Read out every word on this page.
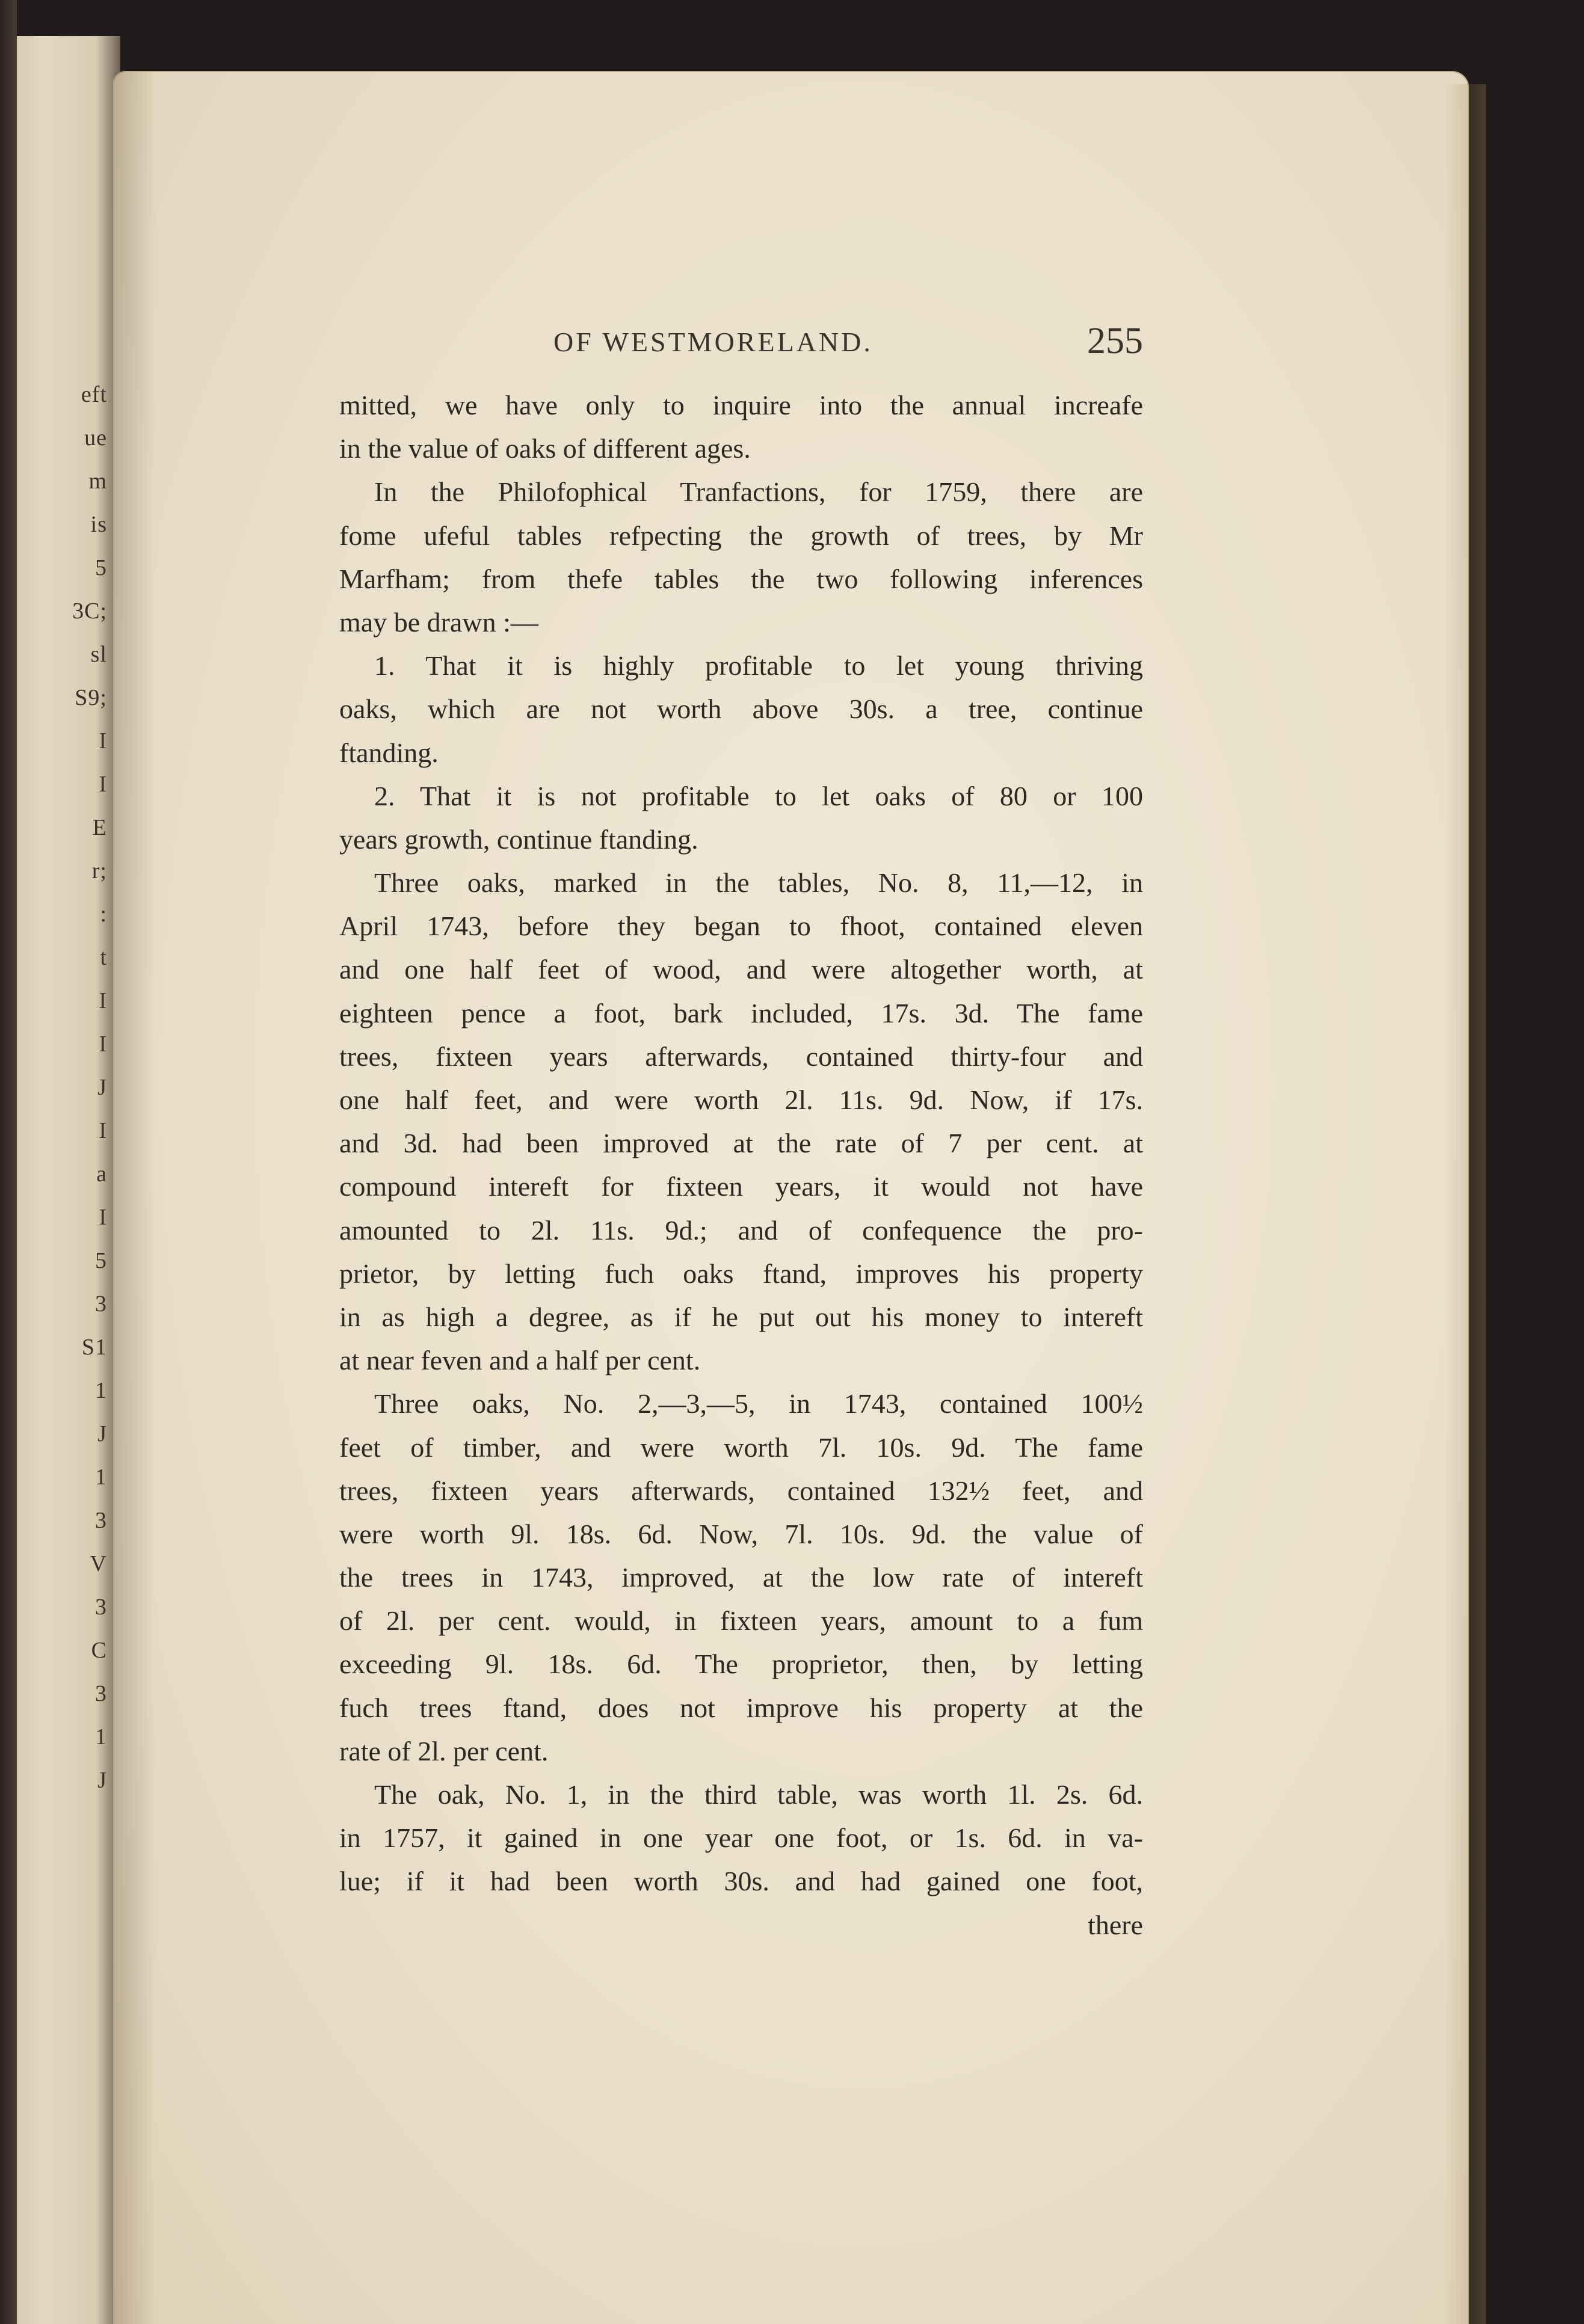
eft
ue
m
is
5
3C;
sl
S9;
I
I
E
r;
:
t
I
I
J
I
a
I
5
3
S1
1
J
1
3
V
3
C
3
1
J
OF WESTMORELAND.	255
mitted, we have only to inquire into the annual increafe
in the value of oaks of different ages.
In the Philofophical Tranfactions, for 1759, there are
fome ufeful tables refpecting the growth of trees, by Mr
Marfham; from thefe tables the two following inferences
may be drawn :—
1. That it is highly profitable to let young thriving
oaks, which are not worth above 30s. a tree, continue
ftanding.
2. That it is not profitable to let oaks of 80 or 100
years growth, continue ftanding.
Three oaks, marked in the tables, No. 8, 11,—12, in
April 1743, before they began to fhoot, contained eleven
and one half feet of wood, and were altogether worth, at
eighteen pence a foot, bark included, 17s. 3d. The fame
trees, fixteen years afterwards, contained thirty-four and
one half feet, and were worth 2l. 11s. 9d. Now, if 17s.
and 3d. had been improved at the rate of 7 per cent. at
compound intereft for fixteen years, it would not have
amounted to 2l. 11s. 9d.; and of confequence the pro-
prietor, by letting fuch oaks ftand, improves his property
in as high a degree, as if he put out his money to intereft
at near feven and a half per cent.
Three oaks, No. 2,—3,—5, in 1743, contained 100½
feet of timber, and were worth 7l. 10s. 9d. The fame
trees, fixteen years afterwards, contained 132½ feet, and
were worth 9l. 18s. 6d. Now, 7l. 10s. 9d. the value of
the trees in 1743, improved, at the low rate of intereft
of 2l. per cent. would, in fixteen years, amount to a fum
exceeding 9l. 18s. 6d. The proprietor, then, by letting
fuch trees ftand, does not improve his property at the
rate of 2l. per cent.
The oak, No. 1, in the third table, was worth 1l. 2s. 6d.
in 1757, it gained in one year one foot, or 1s. 6d. in va-
lue; if it had been worth 30s. and had gained one foot,
there
